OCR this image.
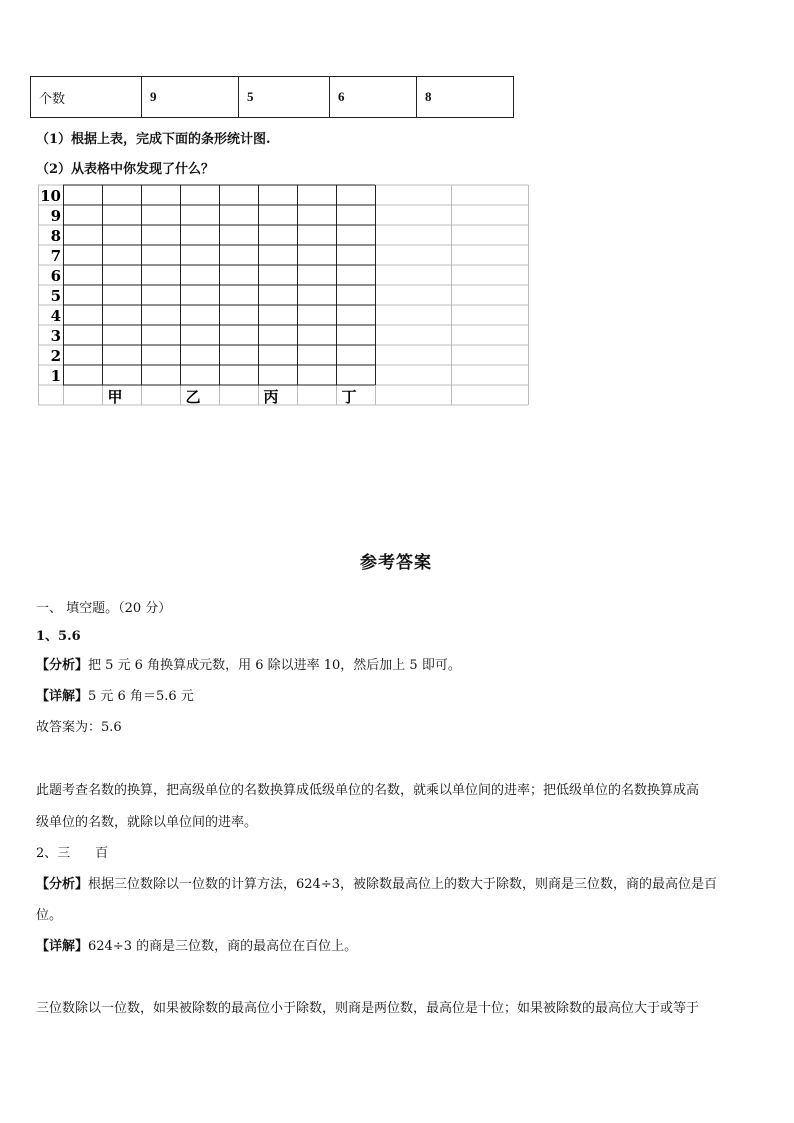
个数	9	5	6	8
（1）根据上表，完成下面的条形统计图.
（2）从表格中你发现了什么？
10
9
8
7
6
5
4
3
2
1
甲	乙	丙	丁
参考答案
一、 填空题。（20 分）
1、5.6
【分析】把 5 元 6 角换算成元数，用 6 除以进率 10，然后加上 5 即可。
【详解】5 元 6 角＝5.6 元
故答案为：5.6
此题考查名数的换算，把高级单位的名数换算成低级单位的名数，就乘以单位间的进率；把低级单位的名数换算成高
级单位的名数，就除以单位间的进率。
2、三      百
【分析】根据三位数除以一位数的计算方法，624÷3，被除数最高位上的数大于除数，则商是三位数，商的最高位是百
位。
【详解】624÷3 的商是三位数，商的最高位在百位上。
三位数除以一位数，如果被除数的最高位小于除数，则商是两位数，最高位是十位；如果被除数的最高位大于或等于
